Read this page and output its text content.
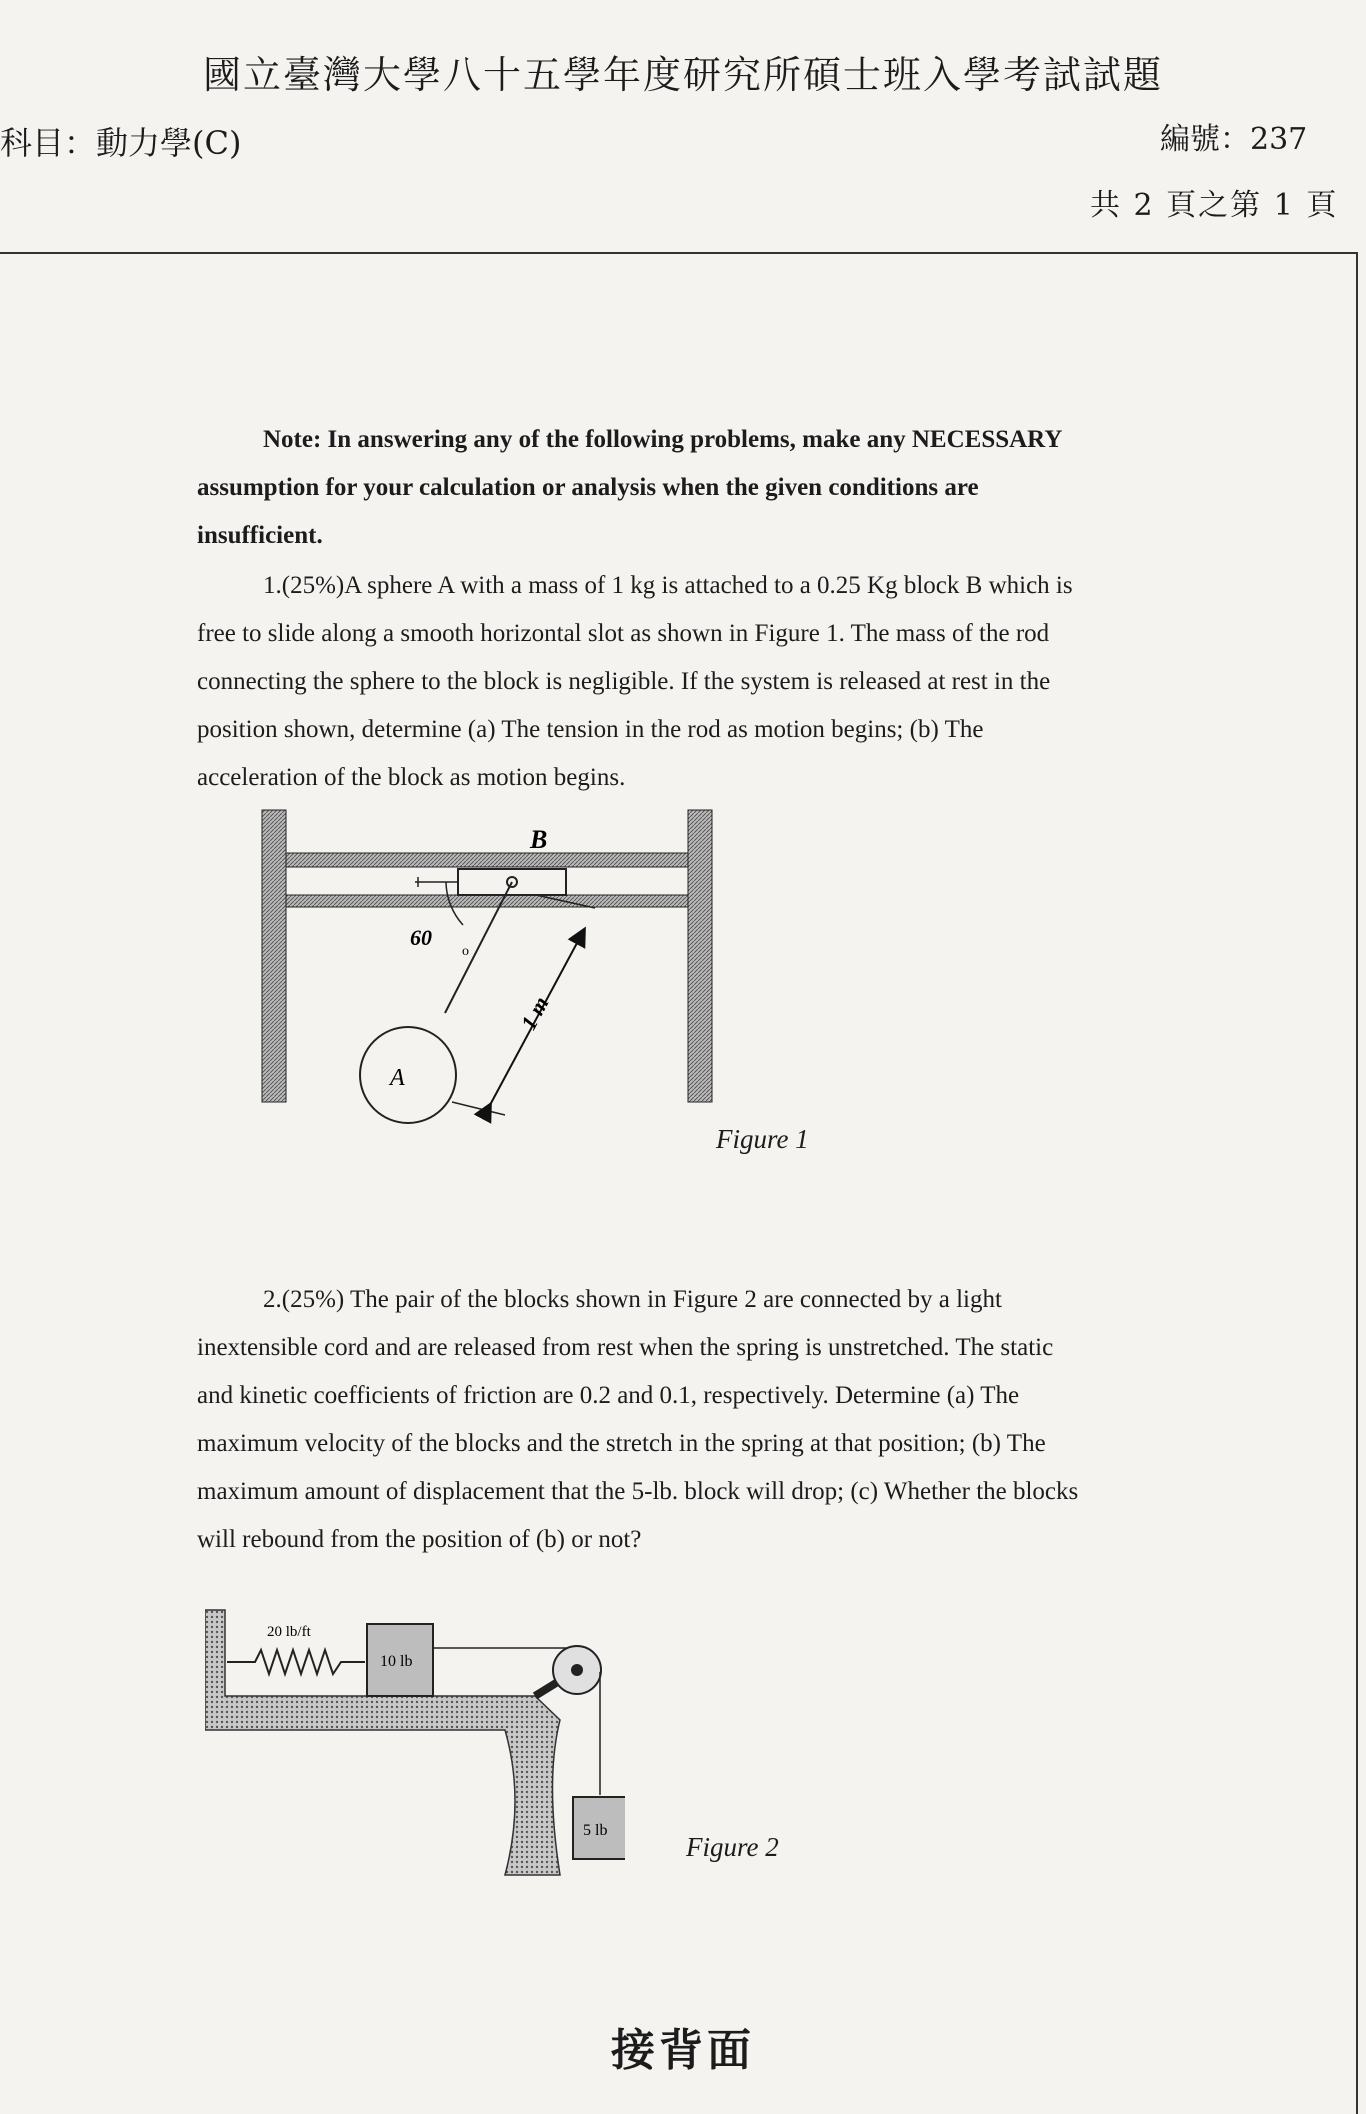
國立臺灣大學八十五學年度研究所碩士班入學考試試題
科目：動力學(C)	編號：237
共 2 頁之第 1 頁
Note: In answering any of the following problems, make any NECESSARY
assumption for your calculation or analysis when the given conditions are
insufficient.
1.(25%)A sphere A with a mass of 1 kg is attached to a 0.25 Kg block B which is
free to slide along a smooth horizontal slot as shown in Figure 1. The mass of the rod
connecting the sphere to the block is negligible. If the system is released at rest in the
position shown, determine (a) The tension in the rod as motion begins; (b) The
acceleration of the block as motion begins.
60
o
A
1 m
B
Figure 1
2.(25%) The pair of the blocks shown in Figure 2 are connected by a light
inextensible cord and are released from rest when the spring is unstretched. The static
and kinetic coefficients of friction are 0.2 and 0.1, respectively. Determine (a) The
maximum velocity of the blocks and the stretch in the spring at that position; (b) The
maximum amount of displacement that the 5-lb. block will drop; (c) Whether the blocks
will rebound from the position of (b) or not?
20 lb/ft
10 lb
5 lb
Figure 2
接背面
